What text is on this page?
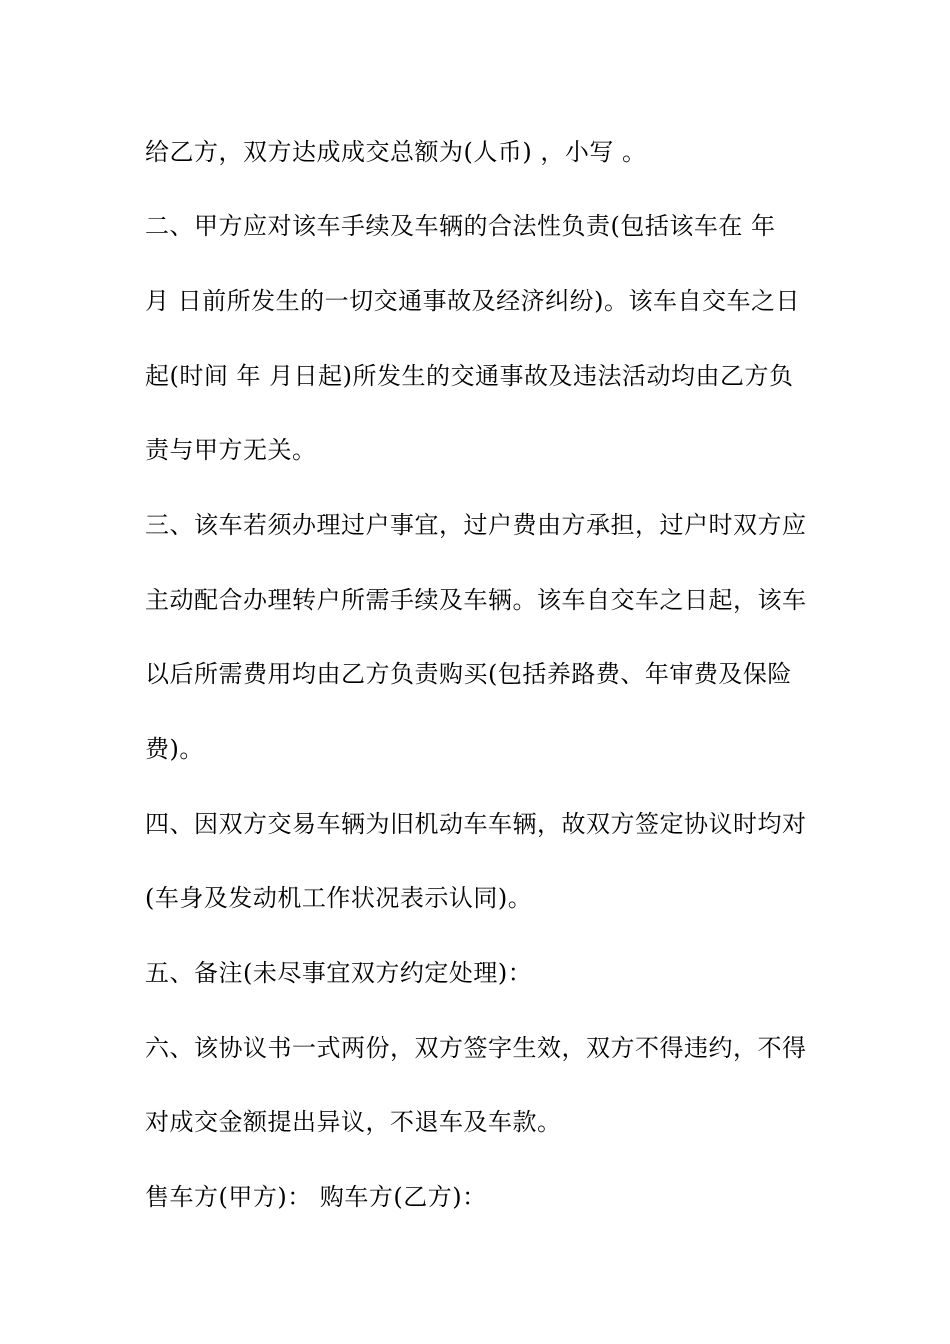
给乙方，双方达成成交总额为(人币) ，小写 。
二、甲方应对该车手续及车辆的合法性负责(包括该车在 年
月 日前所发生的一切交通事故及经济纠纷)。该车自交车之日
起(时间 年 月日起)所发生的交通事故及违法活动均由乙方负
责与甲方无关。
三、该车若须办理过户事宜，过户费由方承担，过户时双方应
主动配合办理转户所需手续及车辆。该车自交车之日起，该车
以后所需费用均由乙方负责购买(包括养路费、年审费及保险
费)。
四、因双方交易车辆为旧机动车车辆，故双方签定协议时均对
(车身及发动机工作状况表示认同)。
五、备注(未尽事宜双方约定处理)：
六、该协议书一式两份，双方签字生效，双方不得违约，不得
对成交金额提出异议，不退车及车款。
售车方(甲方)： 购车方(乙方)：
